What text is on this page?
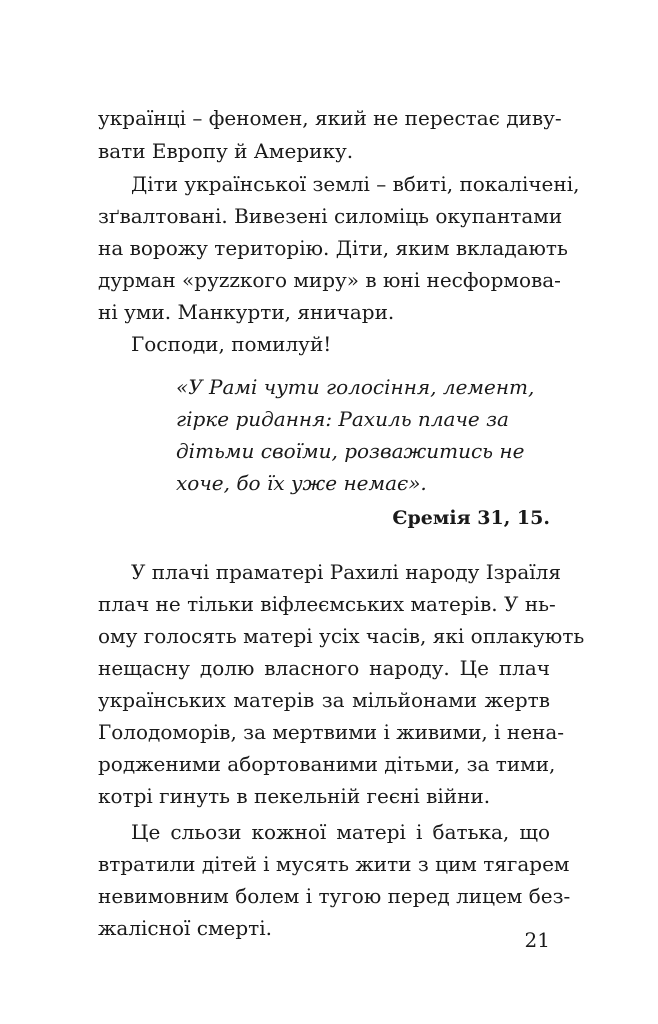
українці – феномен, який не перестає диву-
вати Европу й Америку.
Діти української землі – вбиті, покалічені,
зґвалтовані. Вивезені силоміць окупантами
на ворожу територію. Діти, яким вкладають
дурман «руzzкого миру» в юні несформова-
ні уми. Манкурти, яничари.
Господи, помилуй!
«У Рамі чути голосіння, лемент,
гірке ридання: Рахиль плаче за
дітьми своїми, розважитись не
хоче, бо їх уже немає».
Єремія 31, 15.
У плачі праматері Рахилі народу Ізраїля
плач не тільки віфлеємських матерів. У нь-
ому голосять матері усіх часів, які оплакують
нещасну долю власного народу. Це плач
українських матерів за мільйонами жертв
Голодоморів, за мертвими і живими, і нена-
родженими абортованими дітьми, за тими,
котрі гинуть в пекельній геєні війни.
Це сльози кожної матері і батька, що
втратили дітей і мусять жити з цим тягарем
невимовним болем і тугою перед лицем без-
жалісної смерті.	21
